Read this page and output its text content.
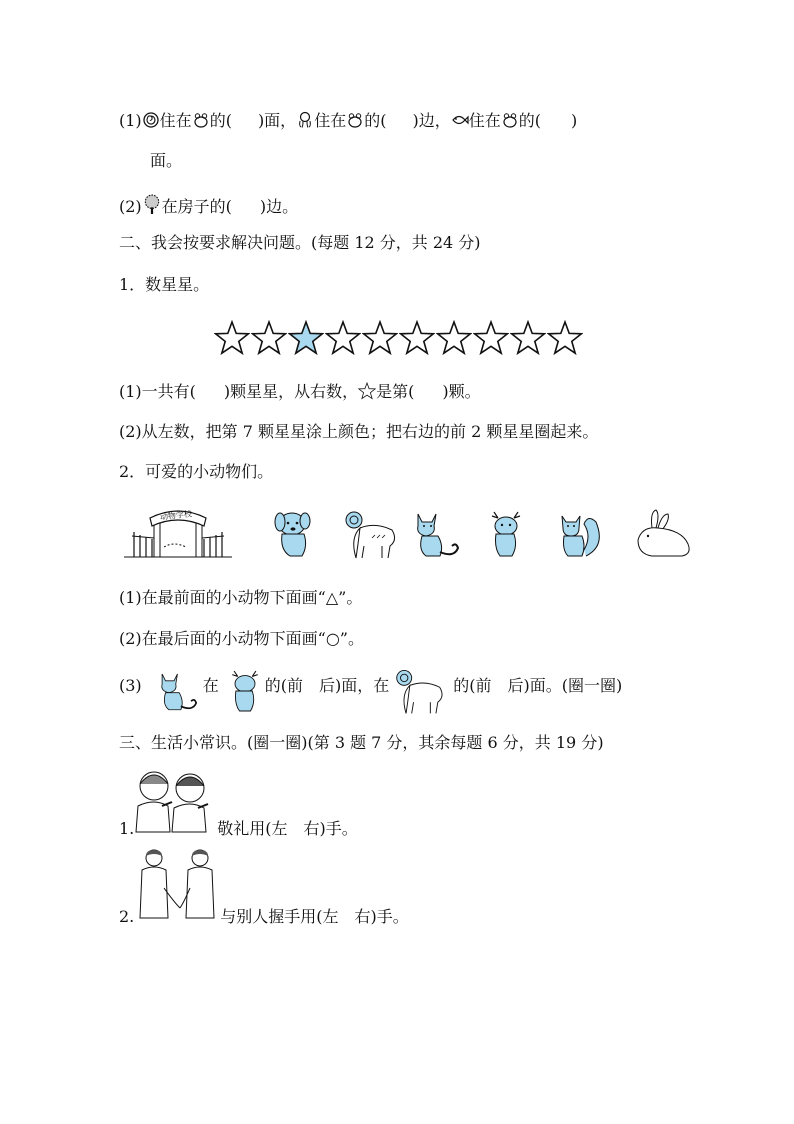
(1) 住在 的( )面， 住在 的( )边， 住在 的( )
面。
(2) 在房子的( )边。
二、我会按要求解决问题。(每题 12 分，共 24 分)
1．数星星。
(1)一共有( )颗星星，从右数， 是第( )颗。
(2)从左数，把第 7 颗星星涂上颜色；把右边的前 2 颗星星圈起来。
2．可爱的小动物们。
动物学校
(1)在最前面的小动物下面画“△”。
(2)在最后面的小动物下面画“○”。
(3)	在	的(前　后)面，在	的(前　后)面。(圈一圈)
三、生活小常识。(圈一圈)(第 3 题 7 分，其余每题 6 分，共 19 分)
1.	敬礼用(左　右)手。
2.	与别人握手用(左　右)手。
